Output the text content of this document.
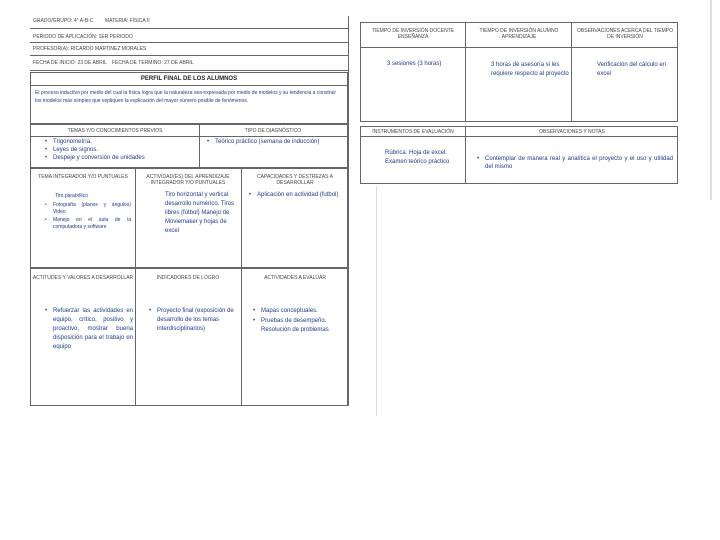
GRADO/GRUPO: 4° A-B-C MATERIA: FÍSICA II
PERIODO DE APLICACIÓN: 1ER PERIODO
PROFESOR(A): RICARDO MARTINEZ MORALES
FECHA DE INICIO: 23 DE ABRIL FECHA DE TERMINO: 27 DE ABRIL
PERFIL FINAL DE LOS ALUMNOS
El proceso inductivo por medio del cual la física logra que la naturaleza sea expresada por medio de modelos y su tendencia a construir los modelos más simples que expliquen la explicación del mayor número posible de fenómenos.
TEMAS Y/O CONOCIMIENTOS PREVIOS	TIPO DE DIAGNÓSTICO
• Trigonometría.
• Leyes de signos.
• Despeje y conversión de unidades
• Teórico práctico (semana de inducción)
TEMA INTEGRADOR Y/O PUNTUALES	ACTIVIDAD(ES) DEL APRENDIZAJE INTEGRADOR Y/O PUNTUALES
CAPACIDADES Y DESTREZAS A DESARROLLAR
Tiro parabólico
• Fotografía (planos y ángulos) Video
• Manejo en el aula de la computadora y software
Tiro horizontal y vertical desarrollo numérico. Tiros libres (fútbol) Manejo de Moviemaker y hojas de excel
• Aplicación en actividad (futbol)
ACTITUDES Y VALORES A DESARROLLAR	INDICADORES DE LOGRO	ACTIVIDADES A EVALUAR
• Refuerzar las actividades en equipo, crítico, positivo y proactivo, mostrar buena disposición para el trabajo en equipo
• Proyecto final (exposición de desarrollo de los temas interdisciplinarios)
• Mapas conceptuales.
• Pruebas de desempeño. Resolución de problemas
TIEMPO DE INVERSIÓN DOCENTE ENSEÑANZA
TIEMPO DE INVERSIÓN ALUMNO APRENDIZAJE
OBSERVACIONES ACERCA DEL TIEMPO DE INVERSIÓN
3 sesiones (3 horas)	3 horas de asesoría si les requiere respecto al proyecto
Verificación del cálculo en excel
INSTRUMENTOS DE EVALUACIÓN	OBSERVACIONES Y NOTAS
Rúbrica. Hoja de excel. Examen teórico práctico
•	Contemplar de manera real y analítica el proyecto y el uso y utilidad del mismo
